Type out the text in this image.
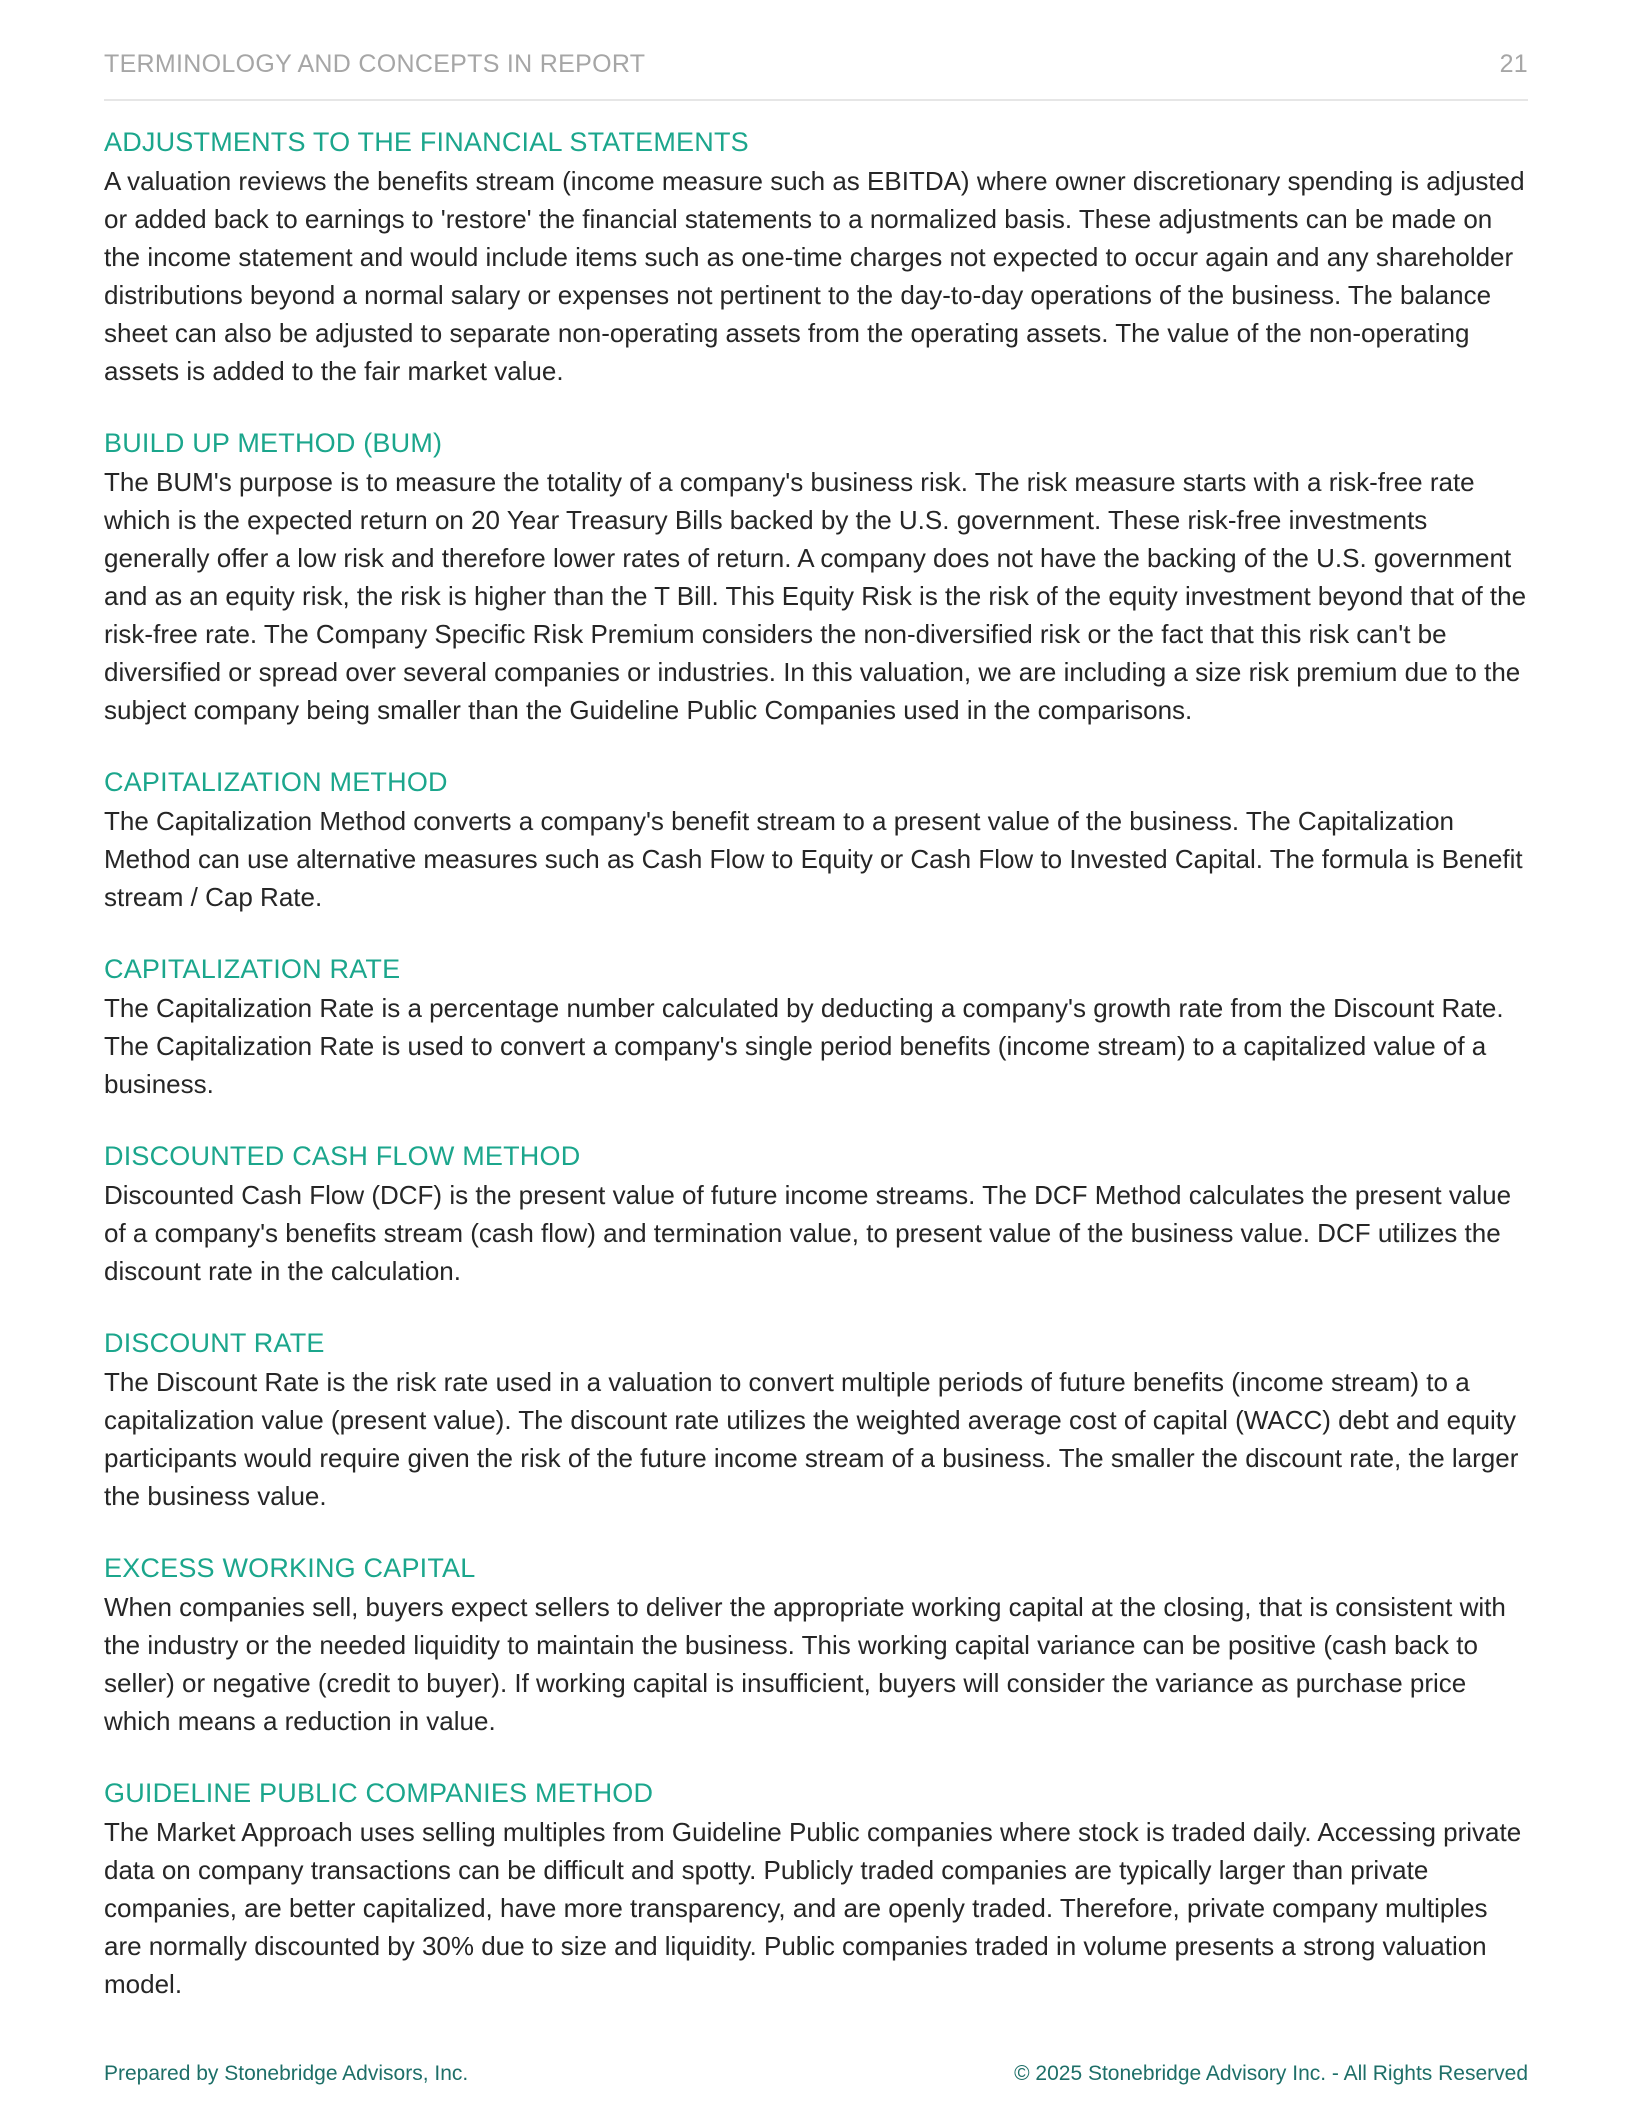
TERMINOLOGY AND CONCEPTS IN REPORT	21
ADJUSTMENTS TO THE FINANCIAL STATEMENTS

A valuation reviews the benefits stream (income measure such as EBITDA) where owner discretionary spending is adjusted or added back to earnings to 'restore' the financial statements to a normalized basis. These adjustments can be made on the income statement and would include items such as one-time charges not expected to occur again and any shareholder distributions beyond a normal salary or expenses not pertinent to the day-to-day operations of the business. The balance sheet can also be adjusted to separate non-operating assets from the operating assets. The value of the non-operating assets is added to the fair market value.

BUILD UP METHOD (BUM)

The BUM's purpose is to measure the totality of a company's business risk. The risk measure starts with a risk-free rate which is the expected return on 20 Year Treasury Bills backed by the U.S. government. These risk-free investments generally offer a low risk and therefore lower rates of return. A company does not have the backing of the U.S. government and as an equity risk, the risk is higher than the T Bill. This Equity Risk is the risk of the equity investment beyond that of the risk-free rate. The Company Specific Risk Premium considers the non-diversified risk or the fact that this risk can't be diversified or spread over several companies or industries. In this valuation, we are including a size risk premium due to the subject company being smaller than the Guideline Public Companies used in the comparisons.

CAPITALIZATION METHOD

The Capitalization Method converts a company's benefit stream to a present value of the business. The Capitalization Method can use alternative measures such as Cash Flow to Equity or Cash Flow to Invested Capital. The formula is Benefit stream / Cap Rate.

CAPITALIZATION RATE

The Capitalization Rate is a percentage number calculated by deducting a company's growth rate from the Discount Rate. The Capitalization Rate is used to convert a company's single period benefits (income stream) to a capitalized value of a business.

DISCOUNTED CASH FLOW METHOD

Discounted Cash Flow (DCF) is the present value of future income streams. The DCF Method calculates the present value of a company's benefits stream (cash flow) and termination value, to present value of the business value. DCF utilizes the discount rate in the calculation.

DISCOUNT RATE

The Discount Rate is the risk rate used in a valuation to convert multiple periods of future benefits (income stream) to a capitalization value (present value). The discount rate utilizes the weighted average cost of capital (WACC) debt and equity participants would require given the risk of the future income stream of a business. The smaller the discount rate, the larger the business value.

EXCESS WORKING CAPITAL

When companies sell, buyers expect sellers to deliver the appropriate working capital at the closing, that is consistent with the industry or the needed liquidity to maintain the business. This working capital variance can be positive (cash back to seller) or negative (credit to buyer). If working capital is insufficient, buyers will consider the variance as purchase price which means a reduction in value.

GUIDELINE PUBLIC COMPANIES METHOD

The Market Approach uses selling multiples from Guideline Public companies where stock is traded daily. Accessing private data on company transactions can be difficult and spotty. Publicly traded companies are typically larger than private companies, are better capitalized, have more transparency, and are openly traded. Therefore, private company multiples are normally discounted by 30% due to size and liquidity. Public companies traded in volume presents a strong valuation model.

Prepared by Stonebridge Advisors, Inc.	© 2025 Stonebridge Advisory Inc. - All Rights Reserved
